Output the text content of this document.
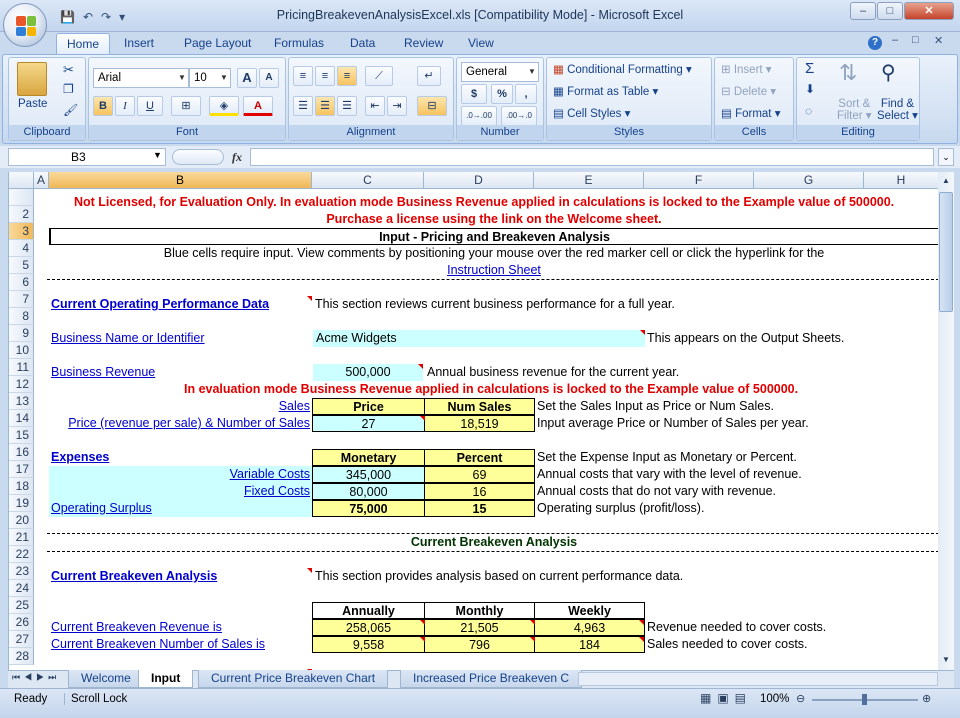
💾 ↶ ↷ ▾	PricingBreakevenAnalysisExcel.xls [Compatibility Mode] - Microsoft Excel	–	□	✕
Home	Insert	Page Layout	Formulas	Data	Review	View	?	– □ ✕
Paste
✂
❐
🖌
Clipboard
Arial	▼ 10 ▼	A	A
B	I	U	⊞	◈	A
Font
≡	≡	≡	⟋	↵
☰	☰	☰	⇤	⇥	⊟
Alignment
General	▼
$	%	,
.0→.00	.00→.0
Number
▦ Conditional Formatting ▾
▦ Format as Table ▾
▤ Cell Styles ▾
Styles
⊞ Insert ▾
⊟ Delete ▾
▤ Format ▾
Cells
Σ
⬇
◌
⇅
Sort &
Filter ▾
⚲
Find &
Select ▾
Editing
B3	▼	fx	⌄
A	B	C	D	E	F	G	H
2
3
4
5
6
7
8
9
10
11
12
13
14
15
16
17
18
19
20
21
22
23
24
25
26
27
28
Not Licensed, for Evaluation Only. In evaluation mode Business Revenue applied in calculations is locked to the Example value of 500000.
Purchase a license using the link on the Welcome sheet.
Input - Pricing and Breakeven Analysis
Blue cells require input. View comments by positioning your mouse over the red marker cell or click the hyperlink for the
Instruction Sheet
Current Operating Performance Data	This section reviews current business performance for a full year.
Business Name or Identifier	Acme Widgets	This appears on the Output Sheets.
Business Revenue	500,000	Annual business revenue for the current year.
In evaluation mode Business Revenue applied in calculations is locked to the Example value of 500000.
Sales	Price	Num Sales	Set the Sales Input as Price or Num Sales.
Price (revenue per sale) & Number of Sales	27	18,519	Input average Price or Number of Sales per year.
Expenses	Monetary	Percent	Set the Expense Input as Monetary or Percent.
Variable Costs	345,000	69	Annual costs that vary with the level of revenue.
Fixed Costs	80,000	16	Annual costs that do not vary with revenue.
Operating Surplus	75,000	15	Operating surplus (profit/loss).
Current Breakeven Analysis
Current Breakeven Analysis	This section provides analysis based on current performance data.
Annually	Monthly	Weekly
Current Breakeven Revenue is	258,065	21,505	4,963	Revenue needed to cover costs.
Current Breakeven Number of Sales is	9,558	796	184	Sales needed to cover costs.
▲
▼
⏮◀▶⏭	Welcome	Input	Current Price Breakeven Chart	Increased Price Breakeven C
Ready	Scroll Lock	▦▣▤ 100% ⊖	⊕
